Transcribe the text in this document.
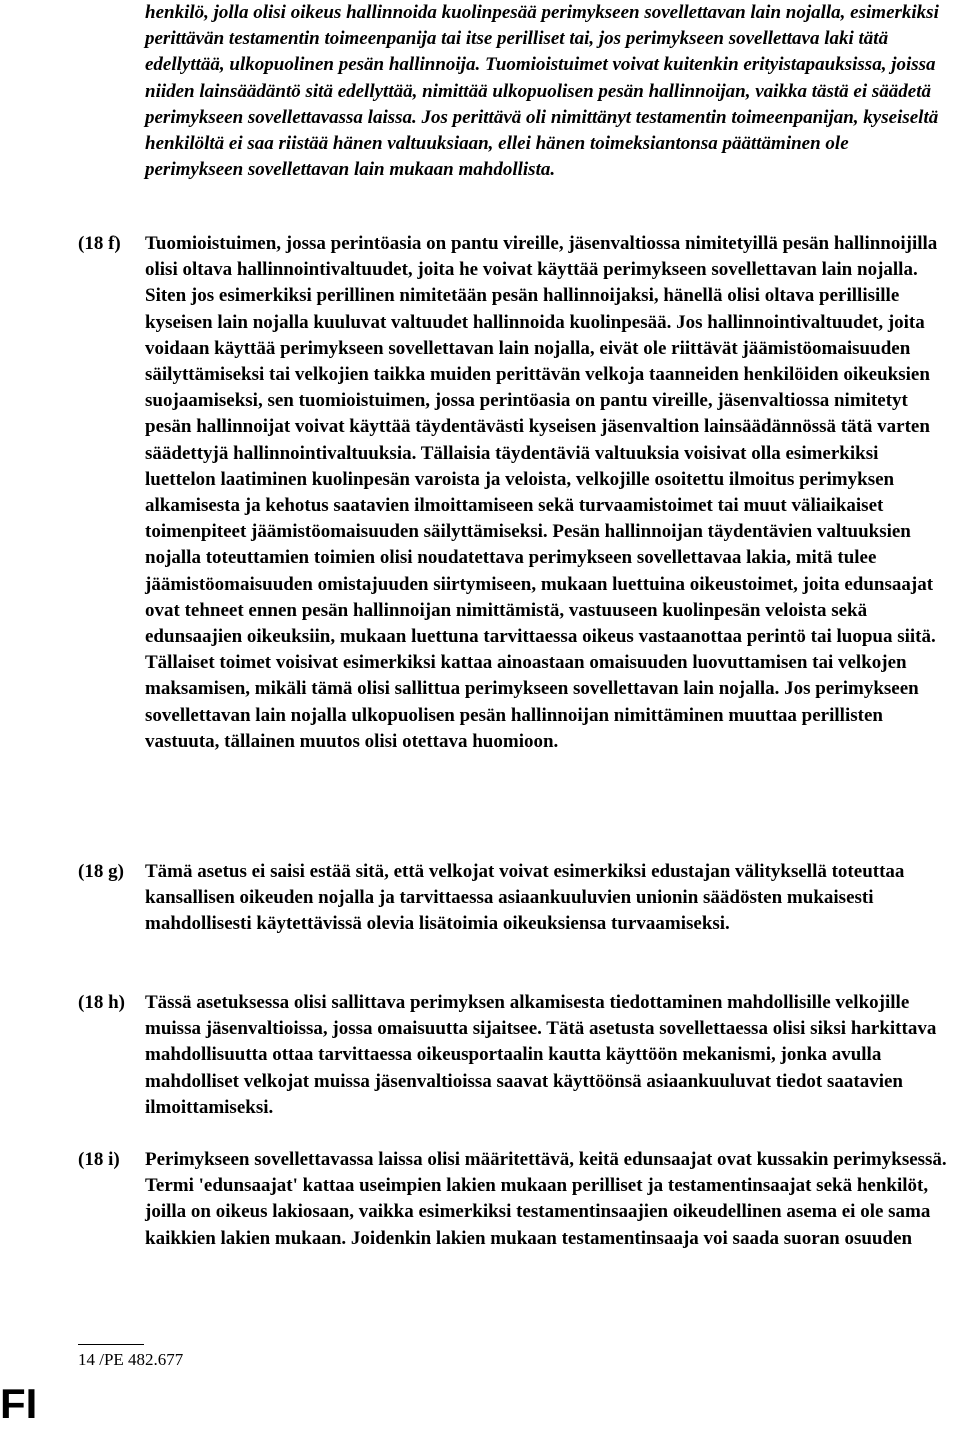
henkilö, jolla olisi oikeus hallinnoida kuolinpesää perimykseen sovellettavan lain nojalla, esimerkiksi perittävän testamentin toimeenpanija tai itse perilliset tai, jos perimykseen sovellettava laki tätä edellyttää, ulkopuolinen pesän hallinnoija. Tuomioistuimet voivat kuitenkin erityistapauksissa, joissa niiden lainsäädäntö sitä edellyttää, nimittää ulkopuolisen pesän hallinnoijan, vaikka tästä ei säädetä perimykseen sovellettavassa laissa. Jos perittävä oli nimittänyt testamentin toimeenpanijan, kyseiseltä henkilöltä ei saa riistää hänen valtuuksiaan, ellei hänen toimeksiantonsa päättäminen ole perimykseen sovellettavan lain mukaan mahdollista.

(18 f)	Tuomioistuimen, jossa perintöasia on pantu vireille, jäsenvaltiossa nimitetyillä pesän hallinnoijilla olisi oltava hallinnointivaltuudet, joita he voivat käyttää perimykseen sovellettavan lain nojalla. Siten jos esimerkiksi perillinen nimitetään pesän hallinnoijaksi, hänellä olisi oltava perillisille kyseisen lain nojalla kuuluvat valtuudet hallinnoida kuolinpesää. Jos hallinnointivaltuudet, joita voidaan käyttää perimykseen sovellettavan lain nojalla, eivät ole riittävät jäämistöomaisuuden säilyttämiseksi tai velkojien taikka muiden perittävän velkoja taanneiden henkilöiden oikeuksien suojaamiseksi, sen tuomioistuimen, jossa perintöasia on pantu vireille, jäsenvaltiossa nimitetyt pesän hallinnoijat voivat käyttää täydentävästi kyseisen jäsenvaltion lainsäädännössä tätä varten säädettyjä hallinnointivaltuuksia. Tällaisia täydentäviä valtuuksia voisivat olla esimerkiksi luettelon laatiminen kuolinpesän varoista ja veloista, velkojille osoitettu ilmoitus perimyksen alkamisesta ja kehotus saatavien ilmoittamiseen sekä turvaamistoimet tai muut väliaikaiset toimenpiteet jäämistöomaisuuden säilyttämiseksi. Pesän hallinnoijan täydentävien valtuuksien nojalla toteuttamien toimien olisi noudatettava perimykseen sovellettavaa lakia, mitä tulee jäämistöomaisuuden omistajuuden siirtymiseen, mukaan luettuina oikeustoimet, joita edunsaajat ovat tehneet ennen pesän hallinnoijan nimittämistä, vastuuseen kuolinpesän veloista sekä edunsaajien oikeuksiin, mukaan luettuna tarvittaessa oikeus vastaanottaa perintö tai luopua siitä. Tällaiset toimet voisivat esimerkiksi kattaa ainoastaan omaisuuden luovuttamisen tai velkojen maksamisen, mikäli tämä olisi sallittua perimykseen sovellettavan lain nojalla. Jos perimykseen sovellettavan lain nojalla ulkopuolisen pesän hallinnoijan nimittäminen muuttaa perillisten vastuuta, tällainen muutos olisi otettava huomioon.
(18 g)	Tämä asetus ei saisi estää sitä, että velkojat voivat esimerkiksi edustajan välityksellä toteuttaa kansallisen oikeuden nojalla ja tarvittaessa asiaankuuluvien unionin säädösten mukaisesti mahdollisesti käytettävissä olevia lisätoimia oikeuksiensa turvaamiseksi.
(18 h)	Tässä asetuksessa olisi sallittava perimyksen alkamisesta tiedottaminen mahdollisille velkojille muissa jäsenvaltioissa, jossa omaisuutta sijaitsee. Tätä asetusta sovellettaessa olisi siksi harkittava mahdollisuutta ottaa tarvittaessa oikeusportaalin kautta käyttöön mekanismi, jonka avulla mahdolliset velkojat muissa jäsenvaltioissa saavat käyttöönsä asiaankuuluvat tiedot saatavien ilmoittamiseksi.
(18 i)	Perimykseen sovellettavassa laissa olisi määritettävä, keitä edunsaajat ovat kussakin perimyksessä. Termi 'edunsaajat' kattaa useimpien lakien mukaan perilliset ja testamentinsaajat sekä henkilöt, joilla on oikeus lakiosaan, vaikka esimerkiksi testamentinsaajien oikeudellinen asema ei ole sama kaikkien lakien mukaan. Joidenkin lakien mukaan testamentinsaaja voi saada suoran osuuden
14 /PE 482.677
FI
